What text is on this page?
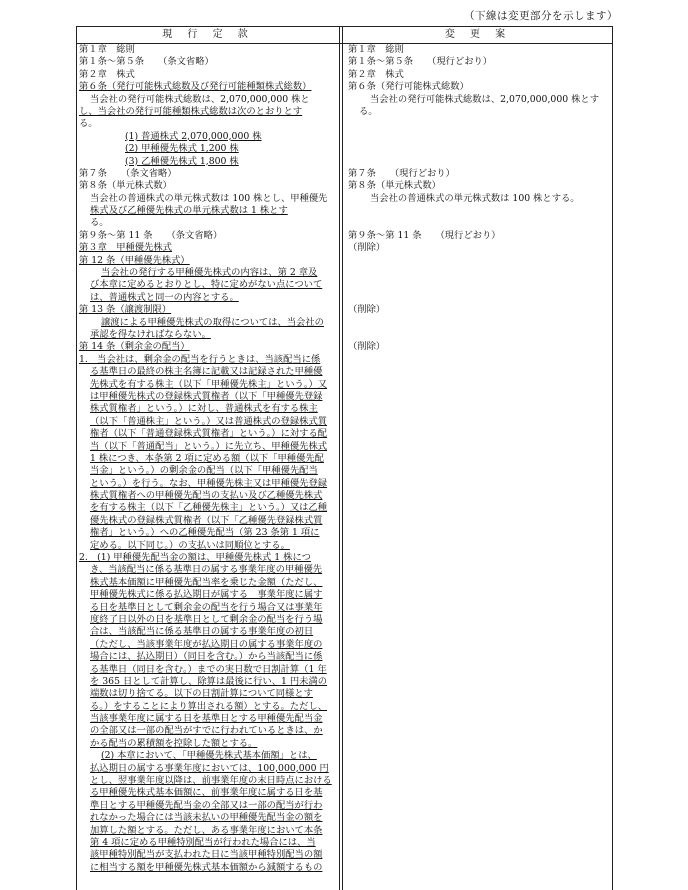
（下線は変更部分を示します）
現 行 定 款	変 更 案
第１章　総則
第１条～第５条　　（条文省略）
第２章　株式
第６条（発行可能株式総数及び発行可能種類株式総数）
当会社の発行可能株式総数は、2,070,000,000 株と
し、当会社の発行可能種類株式総数は次のとおりとす
る。
(1) 普通株式 2,070,000,000 株
(2) 甲種優先株式 1,200 株
(3) 乙種優先株式 1,800 株
第７条　　（条文省略）
第８条（単元株式数）
当会社の普通株式の単元株式数は 100 株とし、甲種優先
株式及び乙種優先株式の単元株式数は 1 株とす
る。
第９条～第 11 条　　（条文省略）
第３章　甲種優先株式
第 12 条（甲種優先株式）
当会社の発行する甲種優先株式の内容は、第 2 章及
び本章に定めるとおりとし、特に定めがない点について
は、普通株式と同一の内容とする。
第 13 条（譲渡制限）
譲渡による甲種優先株式の取得については、当会社の
承認を得なければならない。
第 14 条（剰余金の配当）
1.　当会社は、剰余金の配当を行うときは、当該配当に係
る基準日の最終の株主名簿に記載又は記録された甲種優
先株式を有する株主（以下「甲種優先株主」という。）又
は甲種優先株式の登録株式質権者（以下「甲種優先登録
株式質権者」という。）に対し、普通株式を有する株主
（以下「普通株主」という。）又は普通株式の登録株式質
権者（以下「普通登録株式質権者」という。）に対する配
当（以下「普通配当」という。）に先立ち、甲種優先株式
1 株につき、本条第 2 項に定める額（以下「甲種優先配
当金」という。）の剰余金の配当（以下「甲種優先配当
という。）を行う。なお、甲種優先株主又は甲種優先登録
株式質権者への甲種優先配当の支払い及び乙種優先株式
を有する株主（以下「乙種優先株主」という。）又は乙種
優先株式の登録株式質権者（以下「乙種優先登録株式質
権者」という。）への乙種優先配当（第 23 条第 1 項に
定める。以下同じ。）の支払いは同順位とする。
2.　(1) 甲種優先配当金の額は、甲種優先株式 1 株につ
き、当該配当に係る基準日の属する事業年度の甲種優先
株式基本価額に甲種優先配当率を乗じた金額（ただし、
甲種優先株式に係る払込期日が属する　事業年度に属す
る日を基準日として剰余金の配当を行う場合又は事業年
度終了日以外の日を基準日として剰余金の配当を行う場
合は、当該配当に係る基準日の属する事業年度の初日
（ただし、当該事業年度が払込期日の属する事業年度の
場合には、払込期日）（同日を含む。）から当該配当に係
る基準日（同日を含む。）までの実日数で日割計算（1 年
を 365 日として計算し、除算は最後に行い、1 円未満の
端数は切り捨てる。以下の日割計算について同様とす
る。）をすることにより算出される額）とする。ただし、
当該事業年度に属する日を基準日とする甲種優先配当金
の全部又は一部の配当がすでに行われているときは、か
かる配当の累積額を控除した額とする。
(2) 本章において、「甲種優先株式基本価額」とは、
払込期日の属する事業年度においては、100,000,000 円
とし、翌事業年度以降は、前事業年度の末日時点における
る甲種優先株式基本価額に、前事業年度に属する日を基
準日とする甲種優先配当金の全部又は一部の配当が行わ
れなかった場合には当該未払いの甲種優先配当金の額を
加算した額とする。ただし、ある事業年度において本条
第 4 項に定める甲種特別配当が行われた場合には、当
該甲種特別配当が支払われた日に当該甲種特別配当の額
に相当する額を甲種優先株式基本価額から減額するもの
第１章　総則
第１条～第５条　　（現行どおり）
第２章　株式
第６条（発行可能株式総数）
当会社の発行可能株式総数は、2,070,000,000 株とす
る。
第７条　　（現行どおり）
第８条（単元株式数）
当会社の普通株式の単元株式数は 100 株とする。
第９条～第 11 条　　（現行どおり）
（削除）
（削除）
（削除）
